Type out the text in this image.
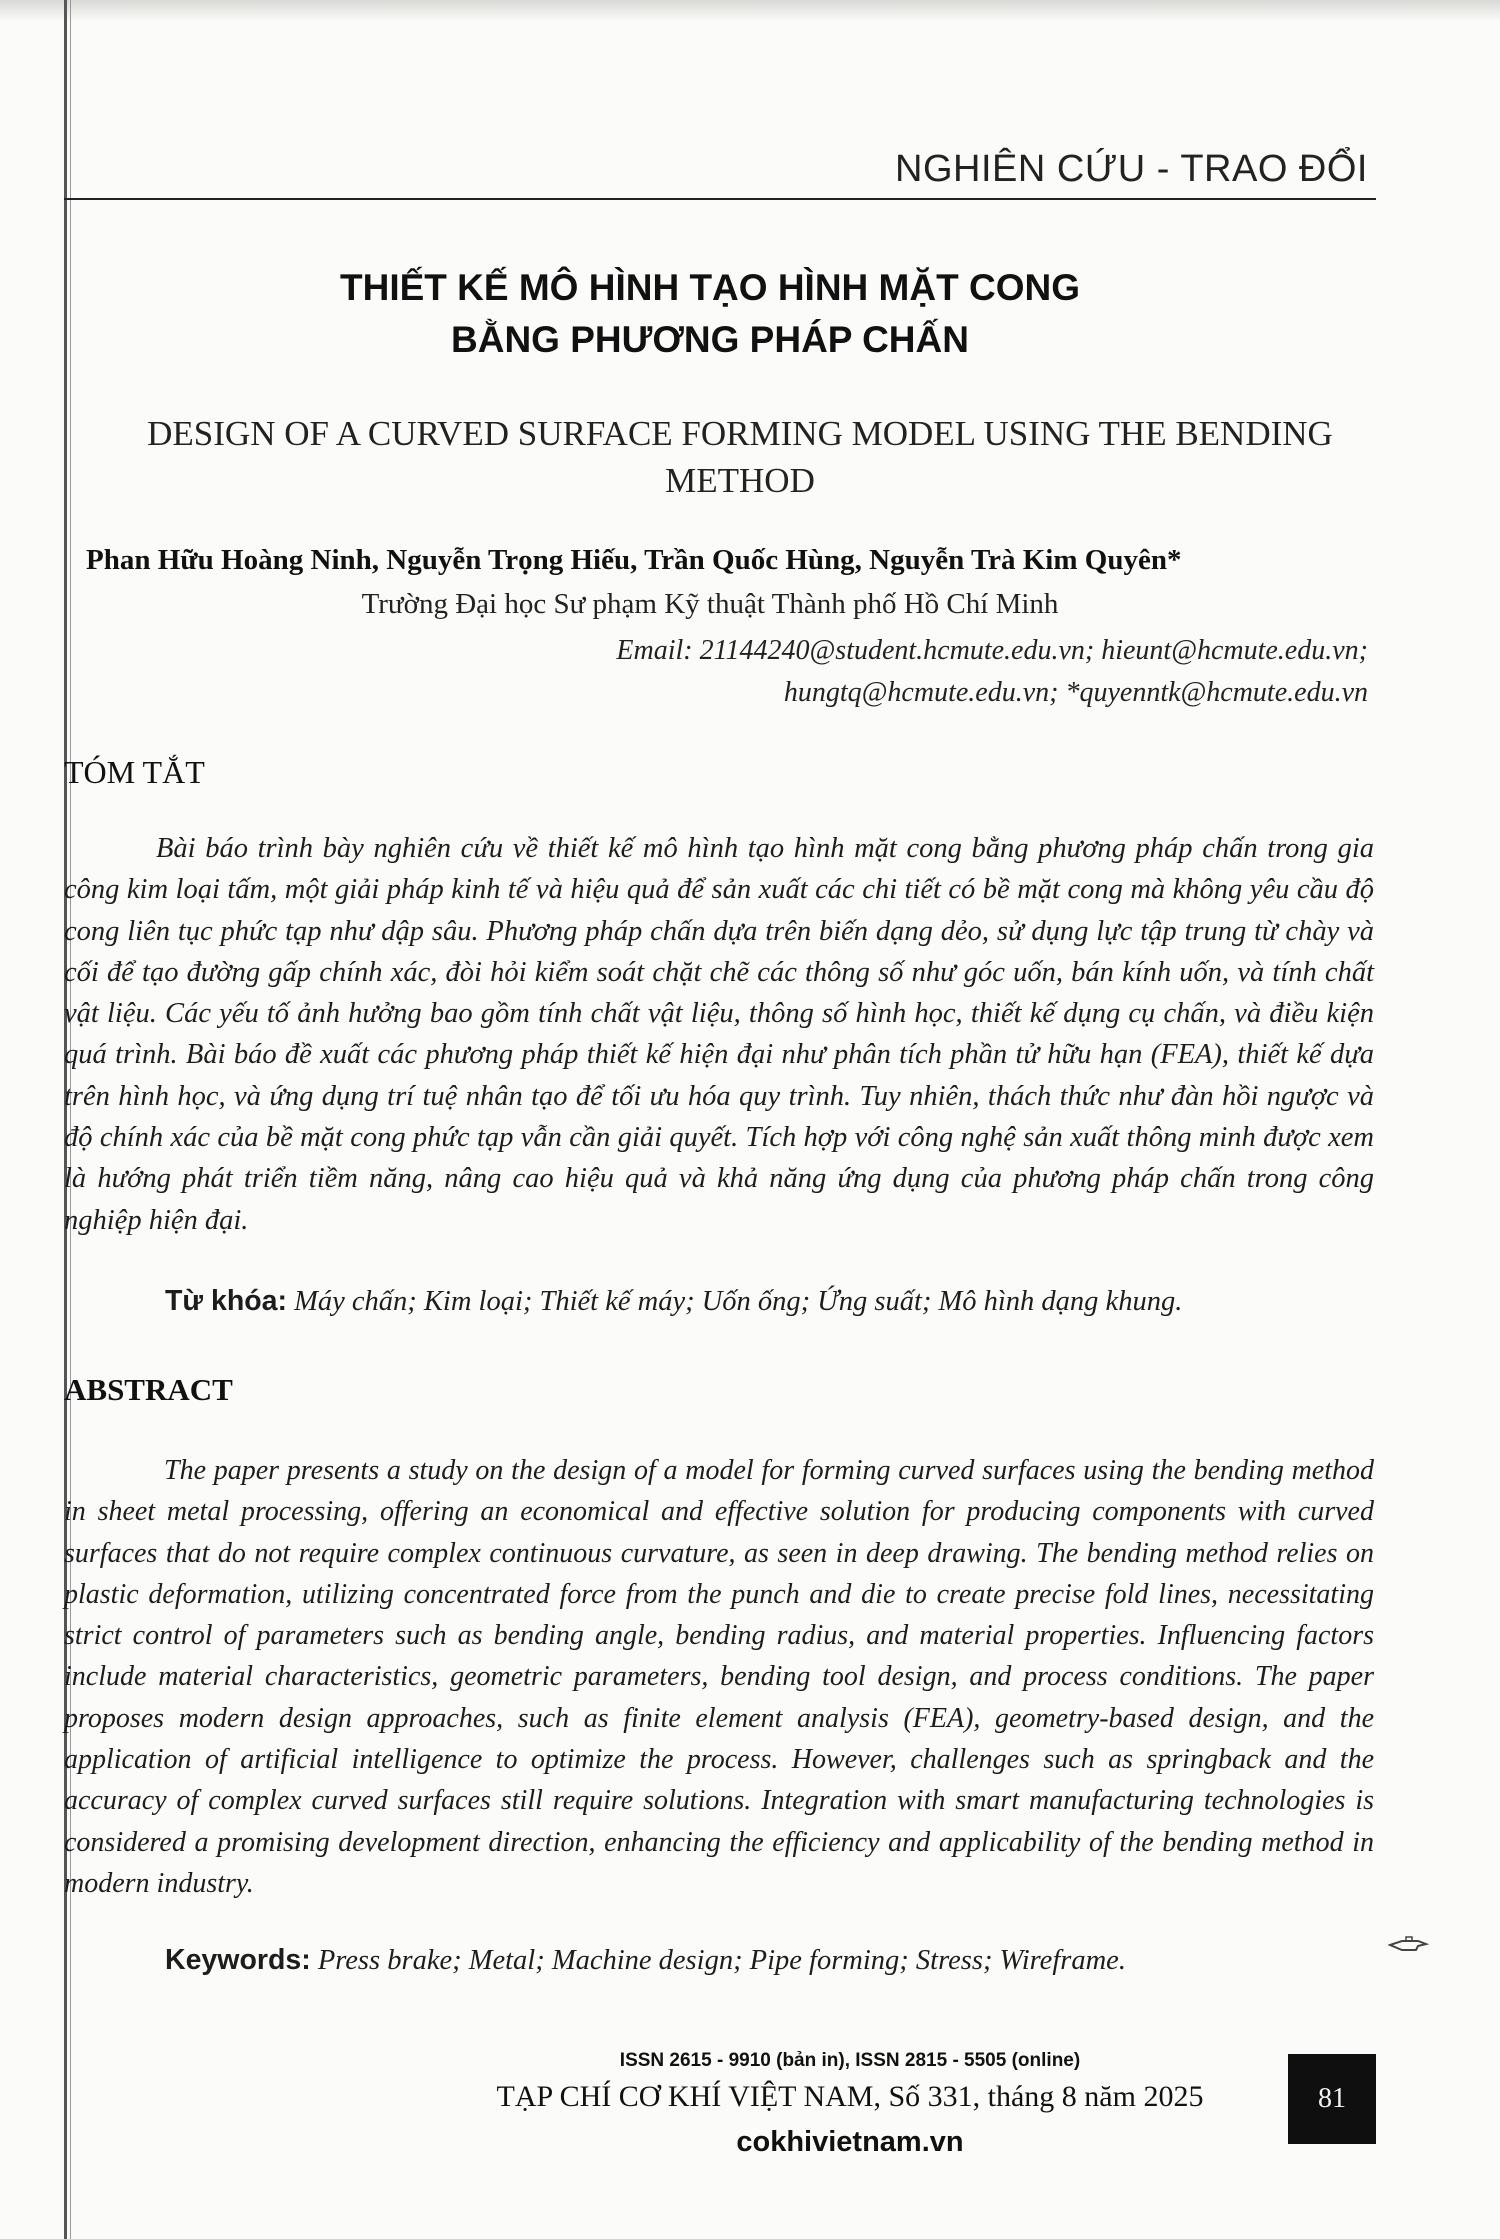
NGHIÊN CỨU - TRAO ĐỔI
THIẾT KẾ MÔ HÌNH TẠO HÌNH MẶT CONG
BẰNG PHƯƠNG PHÁP CHẤN
DESIGN OF A CURVED SURFACE FORMING MODEL USING THE BENDING
METHOD
Phan Hữu Hoàng Ninh, Nguyễn Trọng Hiếu, Trần Quốc Hùng, Nguyễn Trà Kim Quyên*
Trường Đại học Sư phạm Kỹ thuật Thành phố Hồ Chí Minh
Email: 21144240@student.hcmute.edu.vn; hieunt@hcmute.edu.vn;
hungtq@hcmute.edu.vn; *quyenntk@hcmute.edu.vn
TÓM TẮT
Bài báo trình bày nghiên cứu về thiết kế mô hình tạo hình mặt cong bằng phương pháp chấn trong gia công kim loại tấm, một giải pháp kinh tế và hiệu quả để sản xuất các chi tiết có bề mặt cong mà không yêu cầu độ cong liên tục phức tạp như dập sâu. Phương pháp chấn dựa trên biến dạng dẻo, sử dụng lực tập trung từ chày và cối để tạo đường gấp chính xác, đòi hỏi kiểm soát chặt chẽ các thông số như góc uốn, bán kính uốn, và tính chất vật liệu. Các yếu tố ảnh hưởng bao gồm tính chất vật liệu, thông số hình học, thiết kế dụng cụ chấn, và điều kiện quá trình. Bài báo đề xuất các phương pháp thiết kế hiện đại như phân tích phần tử hữu hạn (FEA), thiết kế dựa trên hình học, và ứng dụng trí tuệ nhân tạo để tối ưu hóa quy trình. Tuy nhiên, thách thức như đàn hồi ngược và độ chính xác của bề mặt cong phức tạp vẫn cần giải quyết. Tích hợp với công nghệ sản xuất thông minh được xem là hướng phát triển tiềm năng, nâng cao hiệu quả và khả năng ứng dụng của phương pháp chấn trong công nghiệp hiện đại.
Từ khóa: Máy chấn; Kim loại; Thiết kế máy; Uốn ống; Ứng suất; Mô hình dạng khung.
ABSTRACT
The paper presents a study on the design of a model for forming curved surfaces using the bending method in sheet metal processing, offering an economical and effective solution for producing components with curved surfaces that do not require complex continuous curvature, as seen in deep drawing. The bending method relies on plastic deformation, utilizing concentrated force from the punch and die to create precise fold lines, necessitating strict control of parameters such as bending angle, bending radius, and material properties. Influencing factors include material characteristics, geometric parameters, bending tool design, and process conditions. The paper proposes modern design approaches, such as finite element analysis (FEA), geometry-based design, and the application of artificial intelligence to optimize the process. However, challenges such as springback and the accuracy of complex curved surfaces still require solutions. Integration with smart manufacturing technologies is considered a promising development direction, enhancing the efficiency and applicability of the bending method in modern industry.
Keywords: Press brake; Metal; Machine design; Pipe forming; Stress; Wireframe.
ISSN 2615 - 9910 (bản in), ISSN 2815 - 5505 (online)
TẠP CHÍ CƠ KHÍ VIỆT NAM, Số 331, tháng 8 năm 2025
cokhivietnam.vn
81
